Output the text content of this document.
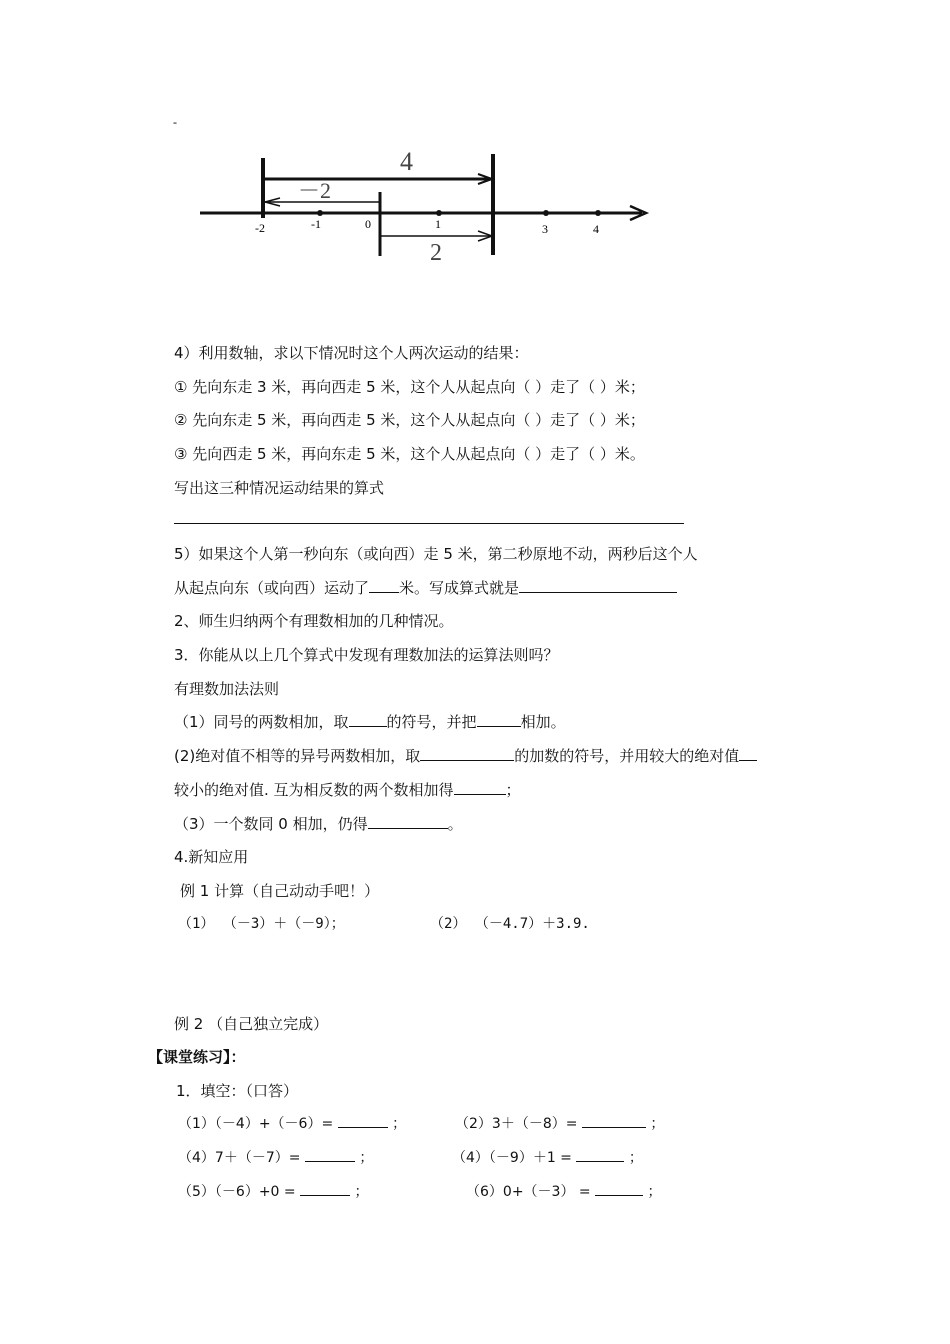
-
4
－2
2
-2	-1	0	1	3	4
4）利用数轴，求以下情况时这个人两次运动的结果：
① 先向东走 3 米，再向西走 5 米，这个人从起点向（ ）走了（ ）米；
② 先向东走 5 米，再向西走 5 米，这个人从起点向（ ）走了（ ）米；
③ 先向西走 5 米，再向东走 5 米，这个人从起点向（ ）走了（ ）米。
写出这三种情况运动结果的算式
5）如果这个人第一秒向东（或向西）走 5 米，第二秒原地不动，两秒后这个人
从起点向东（或向西）运动了 米。写成算式就是
2、师生归纳两个有理数相加的几种情况。
3．你能从以上几个算式中发现有理数加法的运算法则吗？
有理数加法法则
（1）同号的两数相加，取	的符号，并把	相加。
(2)绝对值不相等的异号两数相加，取	的加数的符号，并用较大的绝对值
较小的绝对值. 互为相反数的两个数相加得	；
（3）一个数同 0 相加，仍得	。
4.新知应用
例 1 计算（自己动动手吧！）
（1） （－3）＋（－9）；	（2） （－4.7）＋3.9.
例 2 （自己独立完成）
【课堂练习】：
1．填空：（口答）
（1）（－4）+（－6）=	；	（2）3＋（－8）=	；
（4）7＋（－7）=	；	（4）（－9）＋1 =	；
（5）（－6）+0 =	；	（6）0+（－3） =	；
